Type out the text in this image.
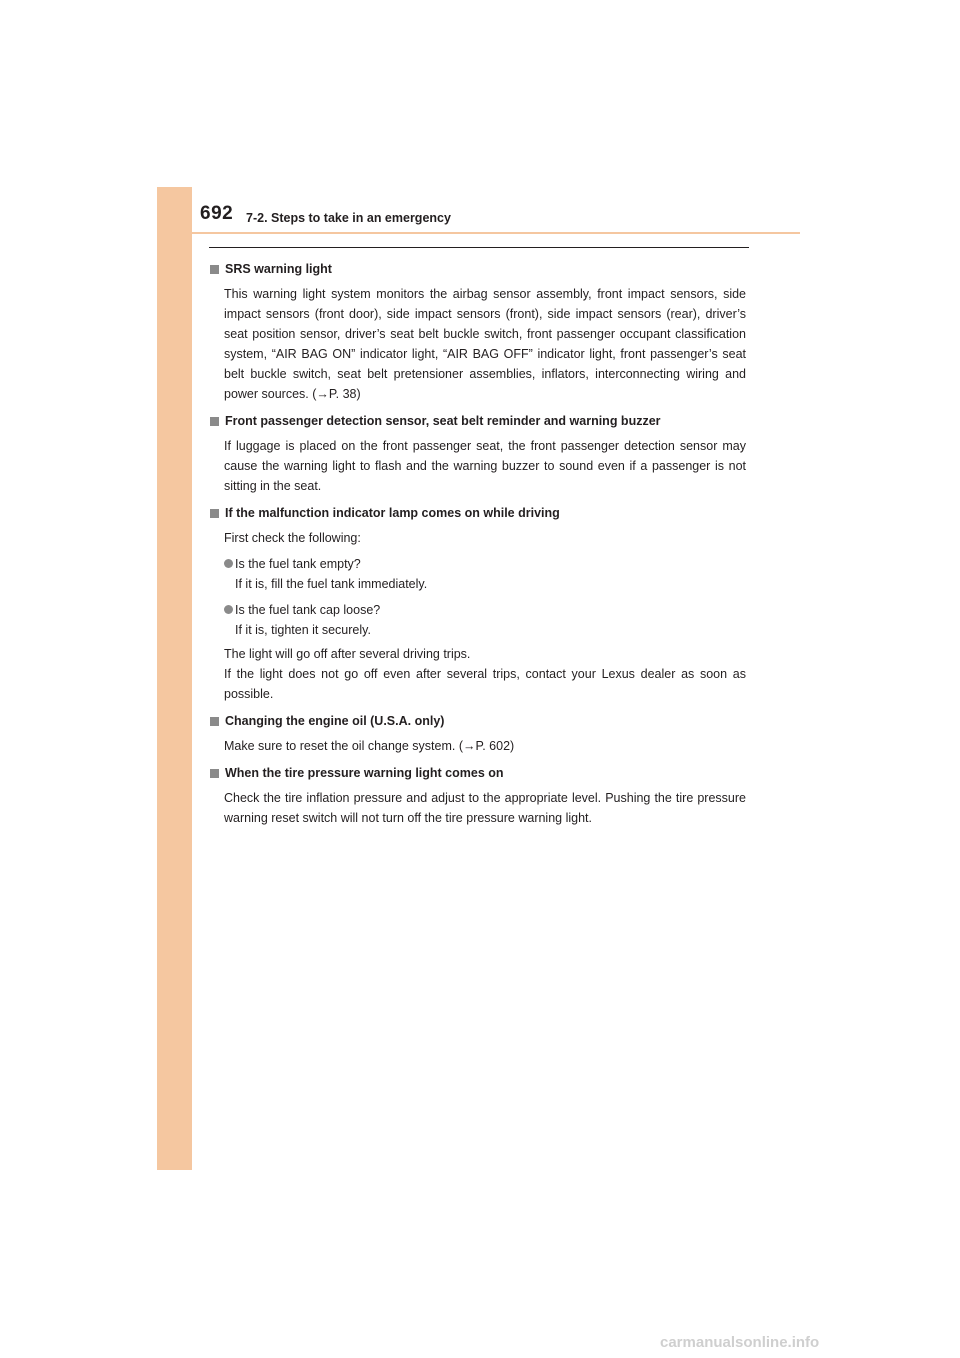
692 7-2. Steps to take in an emergency
SRS warning light
This warning light system monitors the airbag sensor assembly, front impact sensors, side impact sensors (front door), side impact sensors (front), side impact sensors (rear), driver’s seat position sensor, driver’s seat belt buckle switch, front passenger occupant classification system, “AIR BAG ON” indicator light, “AIR BAG OFF” indicator light, front passenger’s seat belt buckle switch, seat belt pretensioner assemblies, inflators, interconnecting wiring and power sources. (→P. 38)
Front passenger detection sensor, seat belt reminder and warning buzzer
If luggage is placed on the front passenger seat, the front passenger detection sensor may cause the warning light to flash and the warning buzzer to sound even if a passenger is not sitting in the seat.
If the malfunction indicator lamp comes on while driving
First check the following:
Is the fuel tank empty?
If it is, fill the fuel tank immediately.
Is the fuel tank cap loose?
If it is, tighten it securely.
The light will go off after several driving trips.
If the light does not go off even after several trips, contact your Lexus dealer as soon as possible.
Changing the engine oil (U.S.A. only)
Make sure to reset the oil change system. (→P. 602)
When the tire pressure warning light comes on
Check the tire inflation pressure and adjust to the appropriate level. Pushing the tire pressure warning reset switch will not turn off the tire pressure warning light.
carmanualsonline.info
